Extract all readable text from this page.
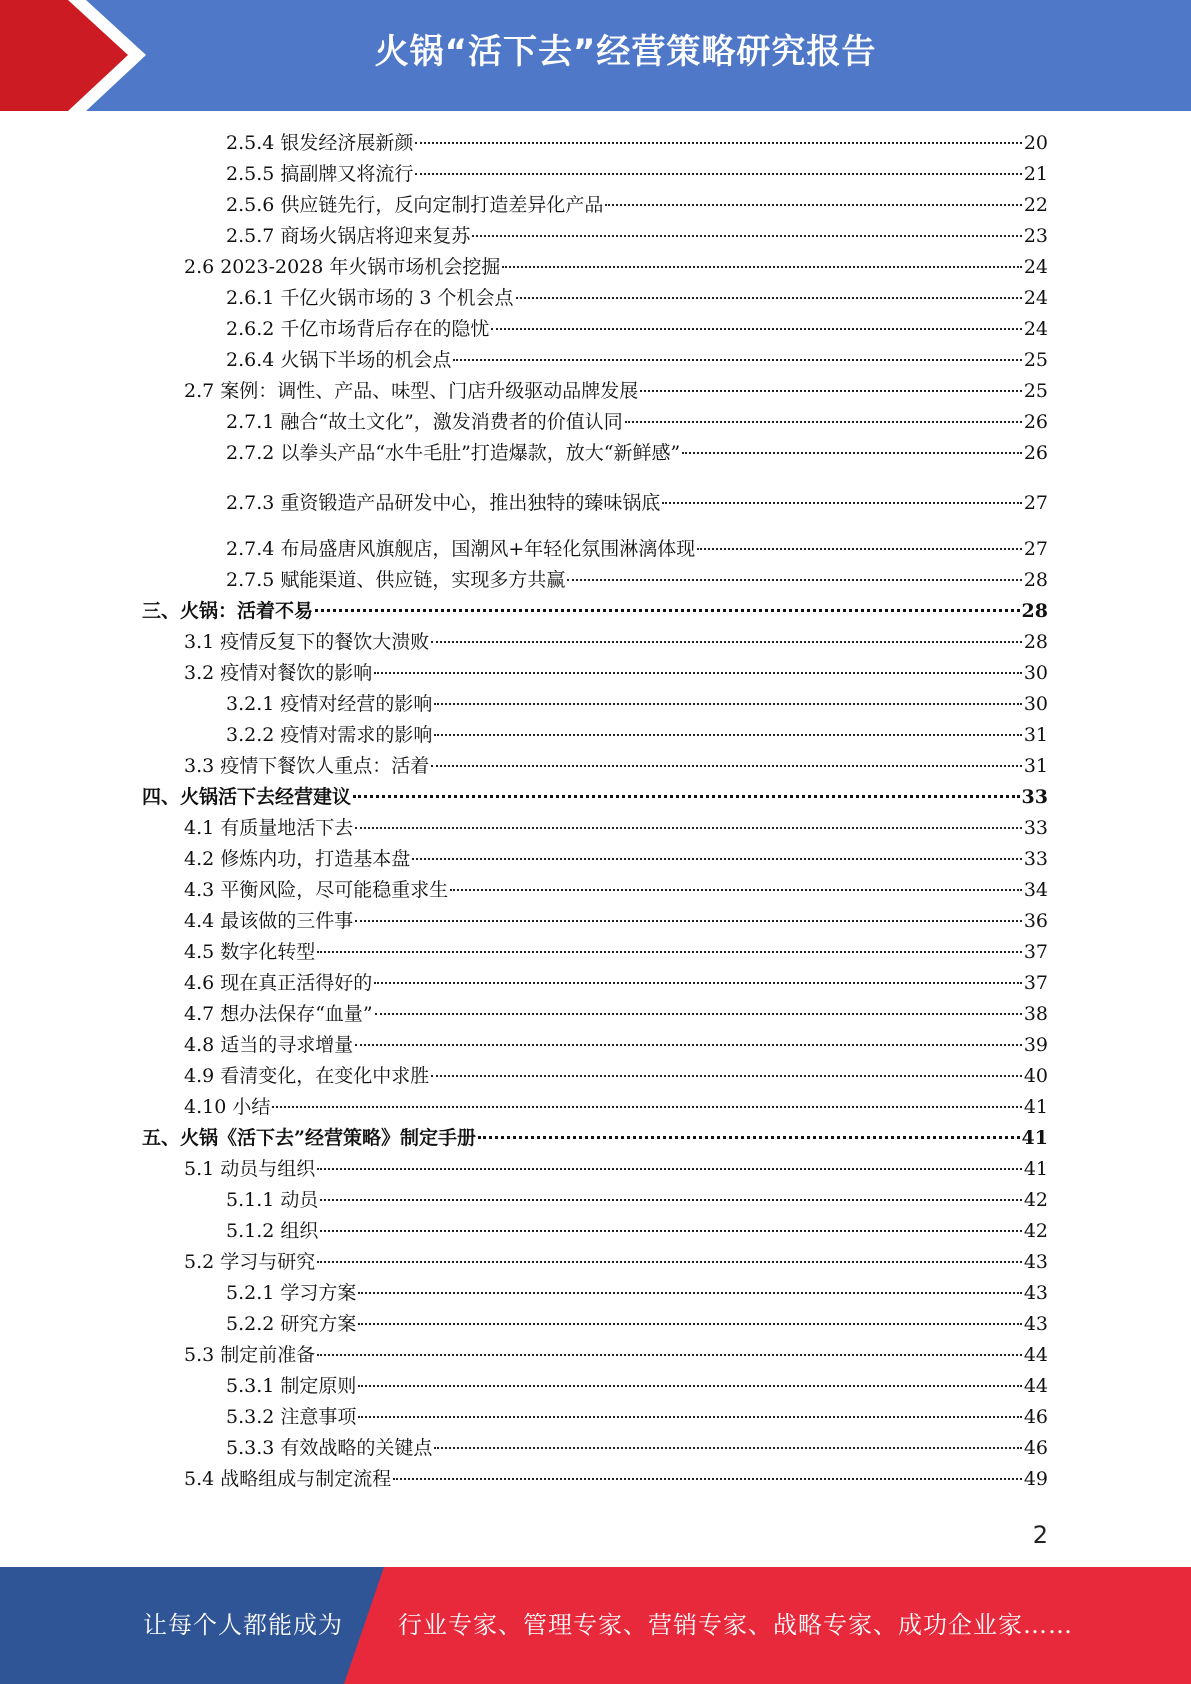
火锅“活下去”经营策略研究报告
2.5.4 银发经济展新颜	20
2.5.5 搞副牌又将流行	21
2.5.6 供应链先行，反向定制打造差异化产品	22
2.5.7 商场火锅店将迎来复苏	23
2.6 2023-2028 年火锅市场机会挖掘	24
2.6.1 千亿火锅市场的 3 个机会点	24
2.6.2 千亿市场背后存在的隐忧	24
2.6.4 火锅下半场的机会点	25
2.7 案例：调性、产品、味型、门店升级驱动品牌发展	25
2.7.1 融合“故土文化”，激发消费者的价值认同	26
2.7.2 以拳头产品“水牛毛肚”打造爆款，放大“新鲜感”	26
2.7.3 重资锻造产品研发中心，推出独特的臻味锅底	27
2.7.4 布局盛唐风旗舰店，国潮风+年轻化氛围淋漓体现	27
2.7.5 赋能渠道、供应链，实现多方共赢	28
三、 火锅：活着不易	28
3.1 疫情反复下的餐饮大溃败	28
3.2 疫情对餐饮的影响	30
3.2.1 疫情对经营的影响	30
3.2.2 疫情对需求的影响	31
3.3 疫情下餐饮人重点：活着	31
四、 火锅活下去经营建议	33
4.1 有质量地活下去	33
4.2 修炼内功，打造基本盘	33
4.3 平衡风险，尽可能稳重求生	34
4.4 最该做的三件事	36
4.5 数字化转型	37
4.6 现在真正活得好的	37
4.7 想办法保存“血量”	38
4.8 适当的寻求增量	39
4.9 看清变化，在变化中求胜	40
4.10 小结	41
五、 火锅《活下去”经营策略》制定手册	41
5.1 动员与组织	41
5.1.1 动员	42
5.1.2 组织	42
5.2 学习与研究	43
5.2.1 学习方案	43
5.2.2 研究方案	43
5.3 制定前准备	44
5.3.1 制定原则	44
5.3.2 注意事项	46
5.3.3 有效战略的关键点	46
5.4 战略组成与制定流程	49
2
让每个人都能成为 行业专家、管理专家、营销专家、战略专家、成功企业家……
